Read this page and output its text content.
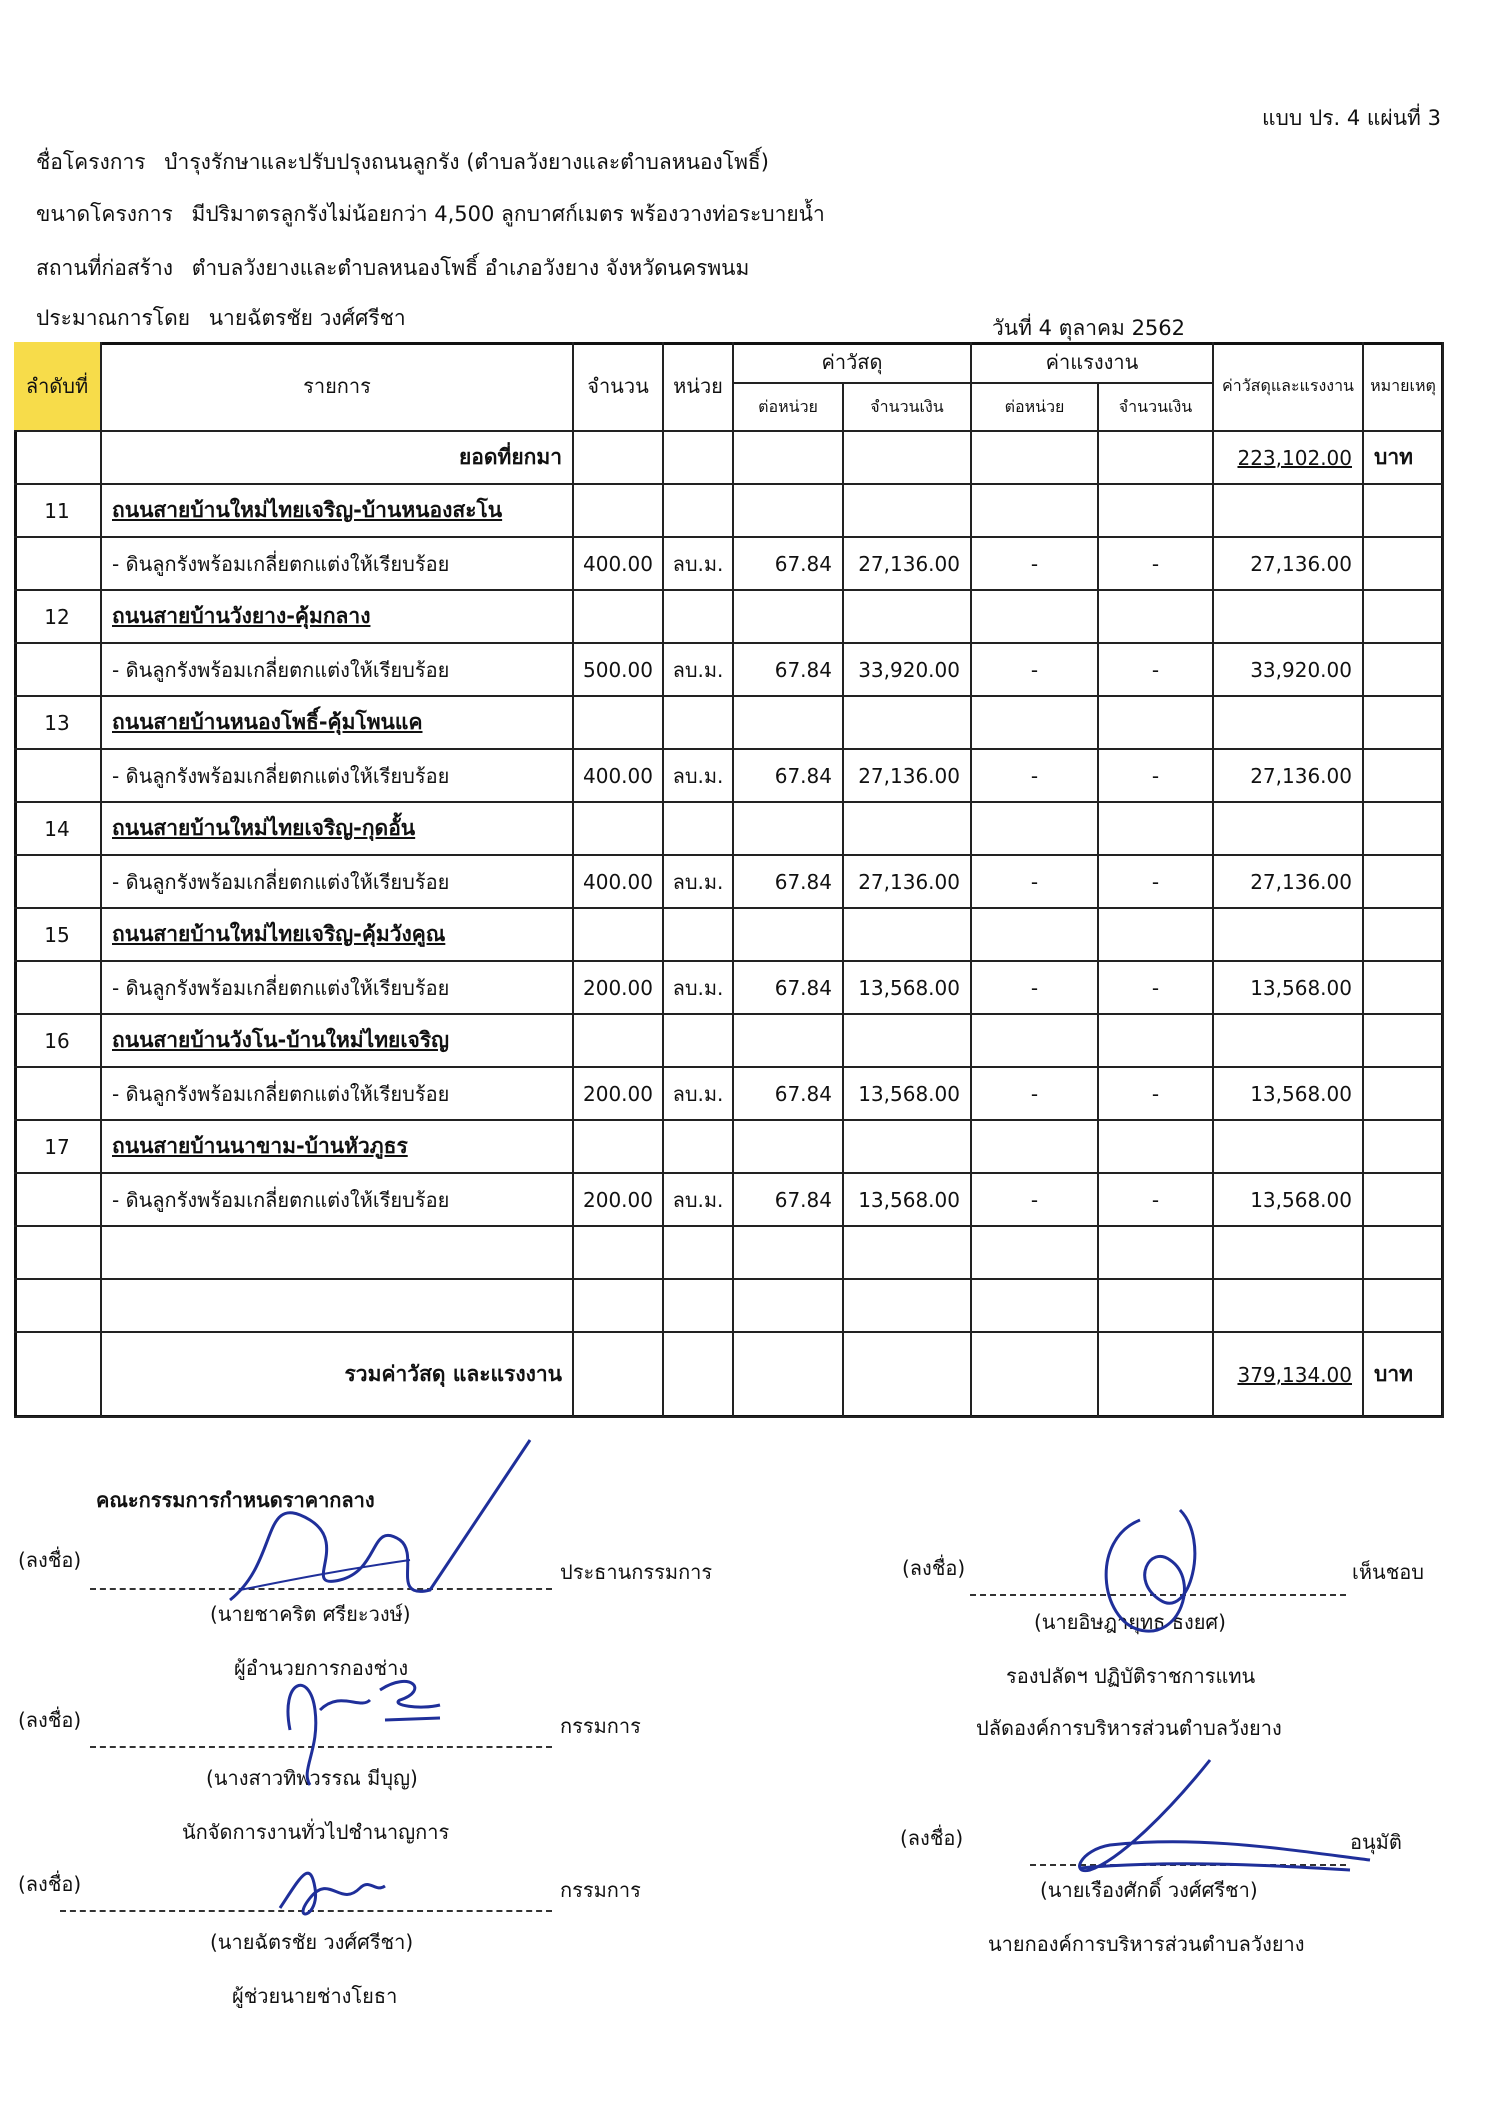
แบบ ปร. 4 แผ่นที่ 3
ชื่อโครงการ บำรุงรักษาและปรับปรุงถนนลูกรัง (ตำบลวังยางและตำบลหนองโพธิ์)
ขนาดโครงการ มีปริมาตรลูกรังไม่น้อยกว่า 4,500 ลูกบาศก์เมตร พร้องวางท่อระบายน้ำ
สถานที่ก่อสร้าง ตำบลวังยางและตำบลหนองโพธิ์ อำเภอวังยาง จังหวัดนครพนม
ประมาณการโดย นายฉัตรชัย วงศ์ศรีชา	วันที่ 4 ตุลาคม 2562
ลำดับที่	รายการ	จำนวน	หน่วย
ค่าวัสดุ	ค่าแรงงาน
ค่าวัสดุและแรงงาน	หมายเหตุ
ต่อหน่วย	จำนวนเงิน	ต่อหน่วย	จำนวนเงิน
ยอดที่ยกมา	223,102.00	บาท
11	ถนนสายบ้านใหม่ไทยเจริญ-บ้านหนองสะโน
- ดินลูกรังพร้อมเกลี่ยตกแต่งให้เรียบร้อย	400.00 ลบ.ม.	67.84	27,136.00	-	-	27,136.00
12	ถนนสายบ้านวังยาง-คุ้มกลาง
- ดินลูกรังพร้อมเกลี่ยตกแต่งให้เรียบร้อย	500.00 ลบ.ม.	67.84	33,920.00	-	-	33,920.00
13	ถนนสายบ้านหนองโพธิ์-คุ้มโพนแค
- ดินลูกรังพร้อมเกลี่ยตกแต่งให้เรียบร้อย	400.00 ลบ.ม.	67.84	27,136.00	-	-	27,136.00
14	ถนนสายบ้านใหม่ไทยเจริญ-กุดอั้น
- ดินลูกรังพร้อมเกลี่ยตกแต่งให้เรียบร้อย	400.00 ลบ.ม.	67.84	27,136.00	-	-	27,136.00
15	ถนนสายบ้านใหม่ไทยเจริญ-คุ้มวังคูณ
- ดินลูกรังพร้อมเกลี่ยตกแต่งให้เรียบร้อย	200.00 ลบ.ม.	67.84	13,568.00	-	-	13,568.00
16	ถนนสายบ้านวังโน-บ้านใหม่ไทยเจริญ
- ดินลูกรังพร้อมเกลี่ยตกแต่งให้เรียบร้อย	200.00 ลบ.ม.	67.84	13,568.00	-	-	13,568.00
17	ถนนสายบ้านนาขาม-บ้านหัวภูธร
- ดินลูกรังพร้อมเกลี่ยตกแต่งให้เรียบร้อย	200.00 ลบ.ม.	67.84	13,568.00	-	-	13,568.00
รวมค่าวัสดุ และแรงงาน	379,134.00	บาท
คณะกรรมการกำหนดราคากลาง
(ลงชื่อ)	ประธานกรรมการ
(นายชาคริต ศรียะวงษ์)
ผู้อำนวยการกองช่าง
(ลงชื่อ)	กรรมการ
(นางสาวทิพวรรณ มีบุญ)
นักจัดการงานทั่วไปชำนาญการ
(ลงชื่อ)	กรรมการ
(นายฉัตรชัย วงศ์ศรีชา)
ผู้ช่วยนายช่างโยธา
(ลงชื่อ)	เห็นชอบ
(นายอิษฎายุทธ ธงยศ)
รองปลัดฯ ปฏิบัติราชการแทน
ปลัดองค์การบริหารส่วนตำบลวังยาง
(ลงชื่อ)	อนุมัติ
(นายเรืองศักดิ์ วงศ์ศรีชา)
นายกองค์การบริหารส่วนตำบลวังยาง
